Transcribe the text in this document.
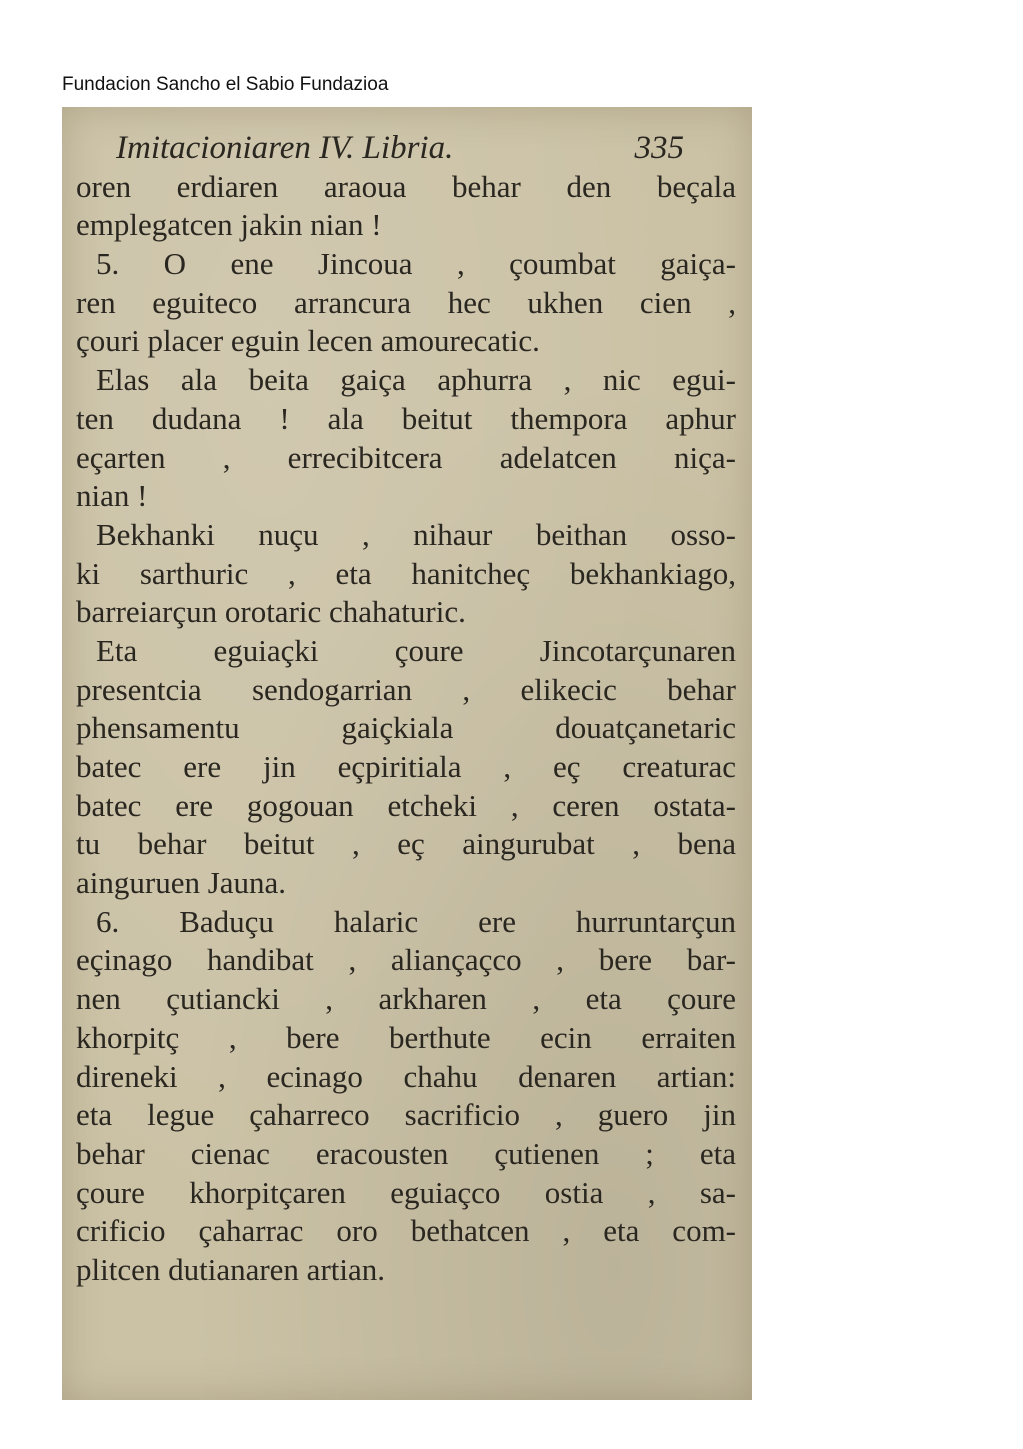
Fundacion Sancho el Sabio Fundazioa
Imitacioniaren IV. Libria.	335
oren erdiaren araoua behar den beçala
emplegatcen jakin nian !
5. O ene Jincoua , çoumbat gaiça-
ren eguiteco arrancura hec ukhen cien ,
çouri placer eguin lecen amourecatic.
Elas ala beita gaiça aphurra , nic egui-
ten dudana ! ala beitut thempora aphur
eçarten , errecibitcera adelatcen niça-
nian !
Bekhanki nuçu , nihaur beithan osso-
ki sarthuric , eta hanitcheç bekhankiago,
barreiarçun orotaric chahaturic.
Eta eguiaçki çoure Jincotarçunaren
presentcia sendogarrian , elikecic behar
phensamentu gaiçkiala douatçanetaric
batec ere jin eçpiritiala , eç creaturac
batec ere gogouan etcheki , ceren ostata-
tu behar beitut , eç aingurubat , bena
ainguruen Jauna.
6. Baduçu halaric ere hurruntarçun
eçinago handibat , aliançaçco , bere bar-
nen çutiancki , arkharen , eta çoure
khorpitç , bere berthute ecin erraiten
direneki , ecinago chahu denaren artian:
eta legue çaharreco sacrificio , guero jin
behar cienac eracousten çutienen ; eta
çoure khorpitçaren eguiaçco ostia , sa-
crificio çaharrac oro bethatcen , eta com-
plitcen dutianaren artian.
